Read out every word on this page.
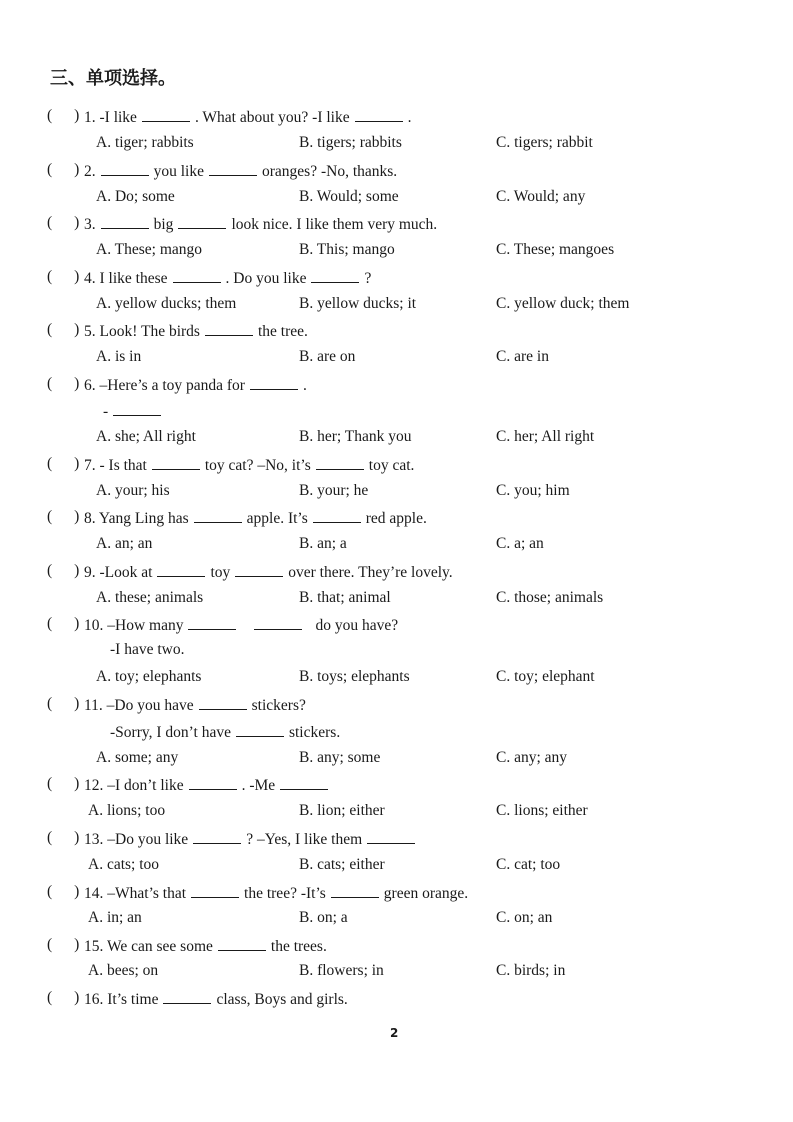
三、单项选择。
( ) 1. -I like	. What about you? -I like	.
A. tiger; rabbits	B. tigers; rabbits	C. tigers; rabbit
( ) 2.	you like	oranges? -No, thanks.
A. Do; some	B. Would; some	C. Would; any
( ) 3.	big	look nice. I like them very much.
A. These; mango	B. This; mango	C. These; mangoes
( ) 4. I like these	. Do you like	?
A. yellow ducks; them	B. yellow ducks; it	C. yellow duck; them
( ) 5. Look! The birds	the tree.
A. is in	B. are on	C. are in
( ) 6. –Here’s a toy panda for	.
-
A. she; All right	B. her; Thank you	C. her; All right
( ) 7. - Is that	toy cat? –No, it’s	toy cat.
A. your; his	B. your; he	C. you; him
( ) 8. Yang Ling has	apple. It’s	red apple.
A. an; an	B. an; a	C. a; an
( ) 9. -Look at	toy	over there. They’re lovely.
A. these; animals	B. that; animal	C. those; animals
( ) 10. –How many	do you have?
-I have two.
A. toy; elephants	B. toys; elephants	C. toy; elephant
( ) 11. –Do you have	stickers?
-Sorry, I don’t have	stickers.
A. some; any	B. any; some	C. any; any
( ) 12. –I don’t like	. -Me
A. lions; too	B. lion; either	C. lions; either
( ) 13. –Do you like	? –Yes, I like them
A. cats; too	B. cats; either	C. cat; too
( ) 14. –What’s that	the tree? -It’s	green orange.
A. in; an	B. on; a	C. on; an
( ) 15. We can see some	the trees.
A. bees; on	B. flowers; in	C. birds; in
( ) 16. It’s time	class, Boys and girls.
2
